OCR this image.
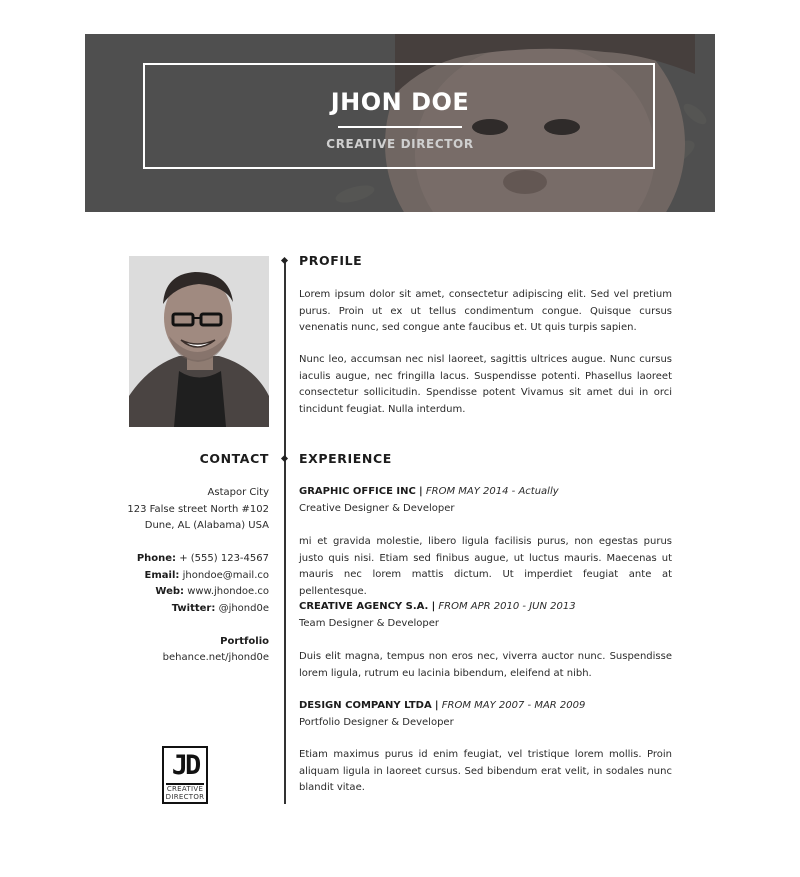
JHON DOE
CREATIVE DIRECTOR
CONTACT
Astapor City
123 False street North #102
Dune, AL (Alabama) USA
Phone: + (555) 123-4567
Email: jhondoe@mail.co
Web: www.jhondoe.co
Twitter: @jhond0e
Portfolio
behance.net/jhond0e
JD
CREATIVE
DIRECTOR
PROFILE
Lorem ipsum dolor sit amet, consectetur adipiscing elit. Sed vel pretium purus. Proin ut ex ut tellus condimentum congue. Quisque cursus venenatis nunc, sed congue ante faucibus et. Ut quis turpis sapien.
Nunc leo, accumsan nec nisl laoreet, sagittis ultrices augue. Nunc cursus iaculis augue, nec fringilla lacus. Suspendisse potenti. Phasellus laoreet consectetur sollicitudin. Spendisse potent Vivamus sit amet dui in orci tincidunt feugiat. Nulla interdum.
EXPERIENCE
GRAPHIC OFFICE INC | FROM MAY 2014 - Actually
Creative Designer & Developer
mi et gravida molestie, libero ligula facilisis purus, non egestas purus justo quis nisi. Etiam sed finibus augue, ut luctus mauris. Maecenas ut mauris nec lorem mattis dictum. Ut imperdiet feugiat ante at pellentesque.
CREATIVE AGENCY S.A. | FROM APR 2010 - JUN 2013
Team Designer & Developer
Duis elit magna, tempus non eros nec, viverra auctor nunc. Suspendisse lorem ligula, rutrum eu lacinia bibendum, eleifend at nibh.
DESIGN COMPANY LTDA | FROM MAY 2007 - MAR 2009
Portfolio Designer & Developer
Etiam maximus purus id enim feugiat, vel tristique lorem mollis. Proin aliquam ligula in laoreet cursus. Sed bibendum erat velit, in sodales nunc blandit vitae.
